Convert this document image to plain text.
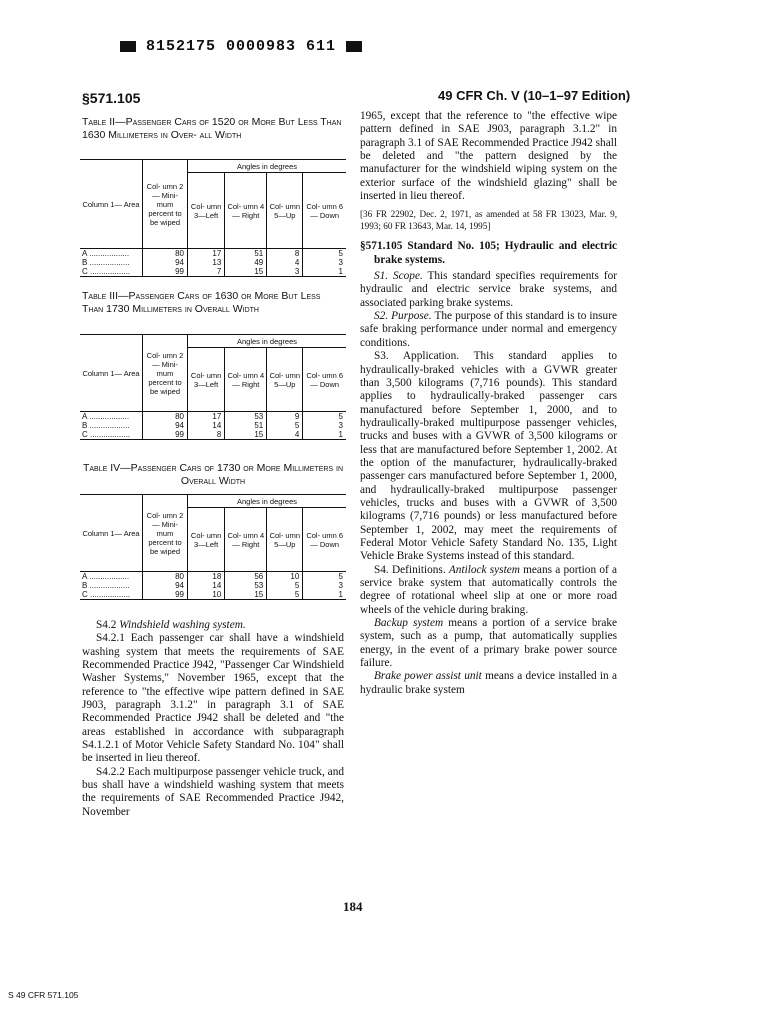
8152175 0000983 611
§571.105	49 CFR Ch. V (10–1–97 Edition)
Table II—Passenger Cars of 1520 or More But Less Than 1630 Millimeters in Over- all Width
Column 1— Area	Col- umn 2— Mini- mum percent to be wiped	Angles in degrees			
		Col- umn 3—Left	Col- umn 4— Right	Col- umn 5—Up	Col- umn 6— Down
A ..................	80	17	51	8	5
B ..................	94	13	49	4	3
C ..................	99	7	15	3	1
Table III—Passenger Cars of 1630 or More But Less Than 1730 Millimeters in Overall Width
Column 1— Area	Col- umn 2— Mini- mum percent to be wiped	Angles in degrees			
		Col- umn 3—Left	Col- umn 4— Right	Col- umn 5—Up	Col- umn 6— Down
A ..................	80	17	53	9	5
B ..................	94	14	51	5	3
C ..................	99	8	15	4	1
Table IV—Passenger Cars of 1730 or More Millimeters in Overall Width
Column 1— Area	Col- umn 2— Mini- mum percent to be wiped	Angles in degrees			
		Col- umn 3—Left	Col- umn 4— Right	Col- umn 5—Up	Col- umn 6— Down
A ..................	80	18	56	10	5
B ..................	94	14	53	5	3
C ..................	99	10	15	5	1

S4.2 Windshield washing system.

S4.2.1 Each passenger car shall have a windshield washing system that meets the requirements of SAE Recommended Practice J942, "Passenger Car Windshield Washer Systems," November 1965, except that the reference to "the effective wipe pattern defined in SAE J903, paragraph 3.1.2" in paragraph 3.1 of SAE Recommended Practice J942 shall be deleted and "the areas established in accordance with subparagraph S4.1.2.1 of Motor Vehicle Safety Standard No. 104" shall be inserted in lieu thereof.

S4.2.2 Each multipurpose passenger vehicle truck, and bus shall have a windshield washing system that meets the requirements of SAE Recommended Practice J942, November

1965, except that the reference to "the effective wipe pattern defined in SAE J903, paragraph 3.1.2" in paragraph 3.1 of SAE Recommended Practice J942 shall be deleted and "the pattern designed by the manufacturer for the windshield wiping system on the exterior surface of the windshield glazing" shall be inserted in lieu thereof.

[36 FR 22902, Dec. 2, 1971, as amended at 58 FR 13023, Mar. 9, 1993; 60 FR 13643, Mar. 14, 1995]

§571.105 Standard No. 105; Hydraulic and electric brake systems.

S1. Scope. This standard specifies requirements for hydraulic and electric service brake systems, and associated parking brake systems.

S2. Purpose. The purpose of this standard is to insure safe braking performance under normal and emergency conditions.

S3. Application. This standard applies to hydraulically-braked vehicles with a GVWR greater than 3,500 kilograms (7,716 pounds). This standard applies to hydraulically-braked passenger cars manufactured before September 1, 2000, and to hydraulically-braked multipurpose passenger vehicles, trucks and buses with a GVWR of 3,500 kilograms or less that are manufactured before September 1, 2002. At the option of the manufacturer, hydraulically-braked passenger cars manufactured before September 1, 2000, and hydraulically-braked multipurpose passenger vehicles, trucks and buses with a GVWR of 3,500 kilograms (7,716 pounds) or less manufactured before September 1, 2002, may meet the requirements of Federal Motor Vehicle Safety Standard No. 135, Light Vehicle Brake Systems instead of this standard.

S4. Definitions. Antilock system means a portion of a service brake system that automatically controls the degree of rotational wheel slip at one or more road wheels of the vehicle during braking.

Backup system means a portion of a service brake system, such as a pump, that automatically supplies energy, in the event of a primary brake power source failure.

Brake power assist unit means a device installed in a hydraulic brake system

184
S 49 CFR 571.105
